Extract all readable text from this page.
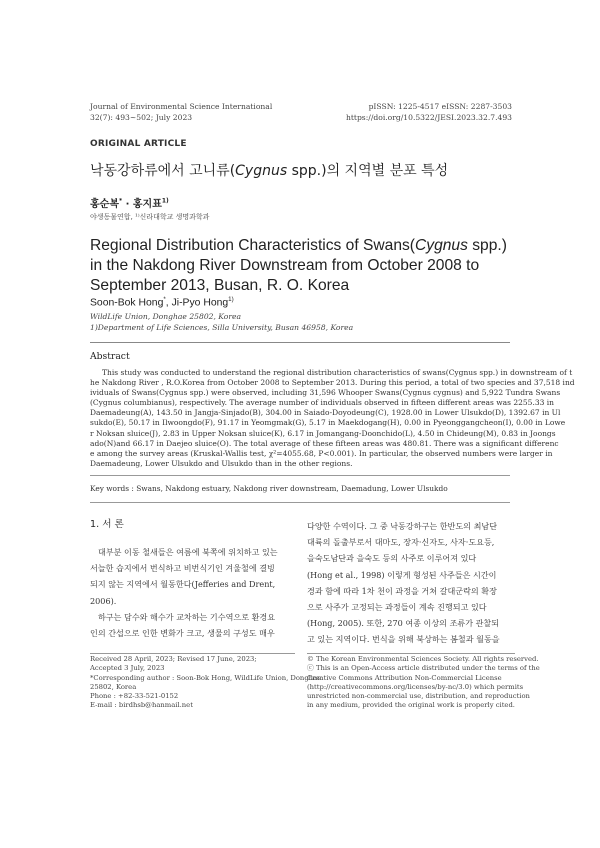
Journal of Environmental Science International
32(7): 493~502; July 2023
pISSN: 1225-4517 eISSN: 2287-3503
https://doi.org/10.5322/JESI.2023.32.7.493
ORIGINAL ARTICLE
낙동강하류에서 고니류(Cygnus spp.)의 지역별 분포 특성
홍순복* · 홍지표$^{1)}$
야생동물연합, ¹⁾신라대학교 생명과학과
Regional Distribution Characteristics of Swans(Cygnus spp.) in the Nakdong River Downstream from October 2008 to September 2013, Busan, R. O. Korea
Soon-Bok Hong*, Ji-Pyo Hong$^{1)}$
WildLife Union, Donghae 25802, Korea
1)Department of Life Sciences, Silla University, Busan 46958, Korea
Abstract
This study was conducted to understand the regional distribution characteristics of swans(Cygnus spp.) in downstream of t
he Nakdong River , R.O.Korea from October 2008 to September 2013. During this period, a total of two species and 37,518 ind
ividuals of Swans(Cygnus spp.) were observed, including 31,596 Whooper Swans(Cygnus cygnus) and 5,922 Tundra Swans
(Cygnus columbianus), respectively. The average number of individuals observed in fifteen different areas was 2255.33 in
Daemadeung(A), 143.50 in Jangja-Sinjado(B), 304.00 in Saiado-Doyodeung(C), 1928.00 in Lower Ulsukdo(D), 1392.67 in Ul
sukdo(E), 50.17 in Ilwoongdo(F), 91.17 in Yeomgmak(G), 5.17 in Maekdogang(H), 0.00 in Pyeonggangcheon(I), 0.00 in Lowe
r Noksan sluice(J), 2.83 in Upper Noksan sluice(K), 6.17 in Jomangang-Doonchido(L), 4.50 in Chideung(M), 0.83 in Joongs
ado(N)and 66.17 in Daejeo sluice(O). The total average of these fifteen areas was 480.81. There was a significant differenc
e among the survey areas (Kruskal-Wallis test, χ²=4055.68, P<0.001). In particular, the observed numbers were larger in
Daemadeung, Lower Ulsukdo and Ulsukdo than in the other regions.
Key words : Swans, Nakdong estuary, Nakdong river downstream, Daemadung, Lower Ulsukdo
1. 서 론
대부분 이동 철새들은 여름에 북쪽에 위치하고 있는
서늘한 습지에서 번식하고 비번식기인 겨울철에 결빙
되지 않는 지역에서 월동한다(Jefferies and Drent,
2006).
하구는 담수와 해수가 교차하는 기수역으로 환경요
인의 간섭으로 인한 변화가 크고, 생물의 구성도 매우
다양한 수역이다. 그 중 낙동강하구는 한반도의 최남단
대륙의 돌출부로서 대마도, 장자·신자도, 사자·도요등,
을숙도남단과 을숙도 등의 사주로 이루어져 있다
(Hong et al., 1998) 이렇게 형성된 사주들은 시간이
경과 함에 따라 1차 천이 과정을 거쳐 갈대군락의 확장
으로 사주가 고정되는 과정들이 계속 진행되고 있다
(Hong, 2005). 또한, 270 여종 이상의 조류가 관찰되
고 있는 지역이다. 번식을 위해 북상하는 봄철과 월동을
Received 28 April, 2023; Revised 17 June, 2023;
Accepted 3 July, 2023
*Corresponding author : Soon-Bok Hong, WildLife Union, Donghae
25802, Korea
Phone : +82-33-521-0152
E-mail : birdhsb@hanmail.net
© The Korean Environmental Sciences Society. All rights reserved.
ⓒ This is an Open-Access article distributed under the terms of the
Creative Commons Attribution Non-Commercial License
(http://creativecommons.org/licenses/by-nc/3.0) which permits
unrestricted non-commercial use, distribution, and reproduction
in any medium, provided the original work is properly cited.
